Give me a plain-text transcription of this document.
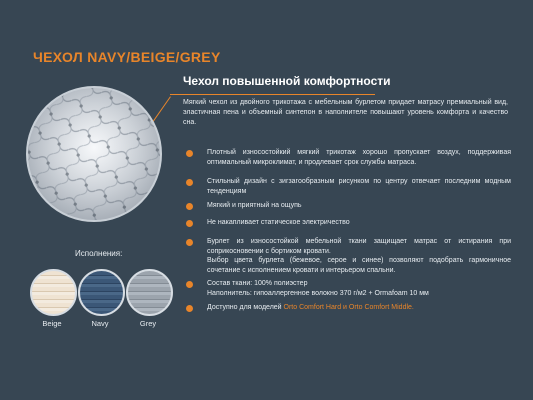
ЧЕХОЛ NAVY/BEIGE/GREY
Чехол повышенной комфортности
Мягкий чехол из двойного трикотажа с мебельным бурлетом придает матрасу премиальный вид, эластичная пена и объемный синтепон в наполнителе повышают уровень комфорта и качество сна.
Плотный износостойкий мягкий трикотаж хорошо пропускает воздух, поддерживая оптимальный микроклимат, и продлевает срок службы матраса.
Стильный дизайн с зигзагообразным рисунком по центру отвечает последним модным тенденциям
Мягкий и приятный на ощупь
Не накапливает статическое электричество
Бурлет из износостойкой мебельной ткани защищает матрас от истирания при соприкосновении с бортиком кровати.
Выбор цвета бурлета (бежевое, серое и синее) позволяют подобрать гармоничное сочетание с исполнением кровати и интерьером спальни.
Состав ткани: 100% полиэстер
Наполнитель: гипоаллергенное волокно 370 г/м2 + Ormafoam 10 мм
Доступно для моделей Orto Comfort Hard и Orto Comfort Middle.
Исполнения:
Beige	Navy	Grey
